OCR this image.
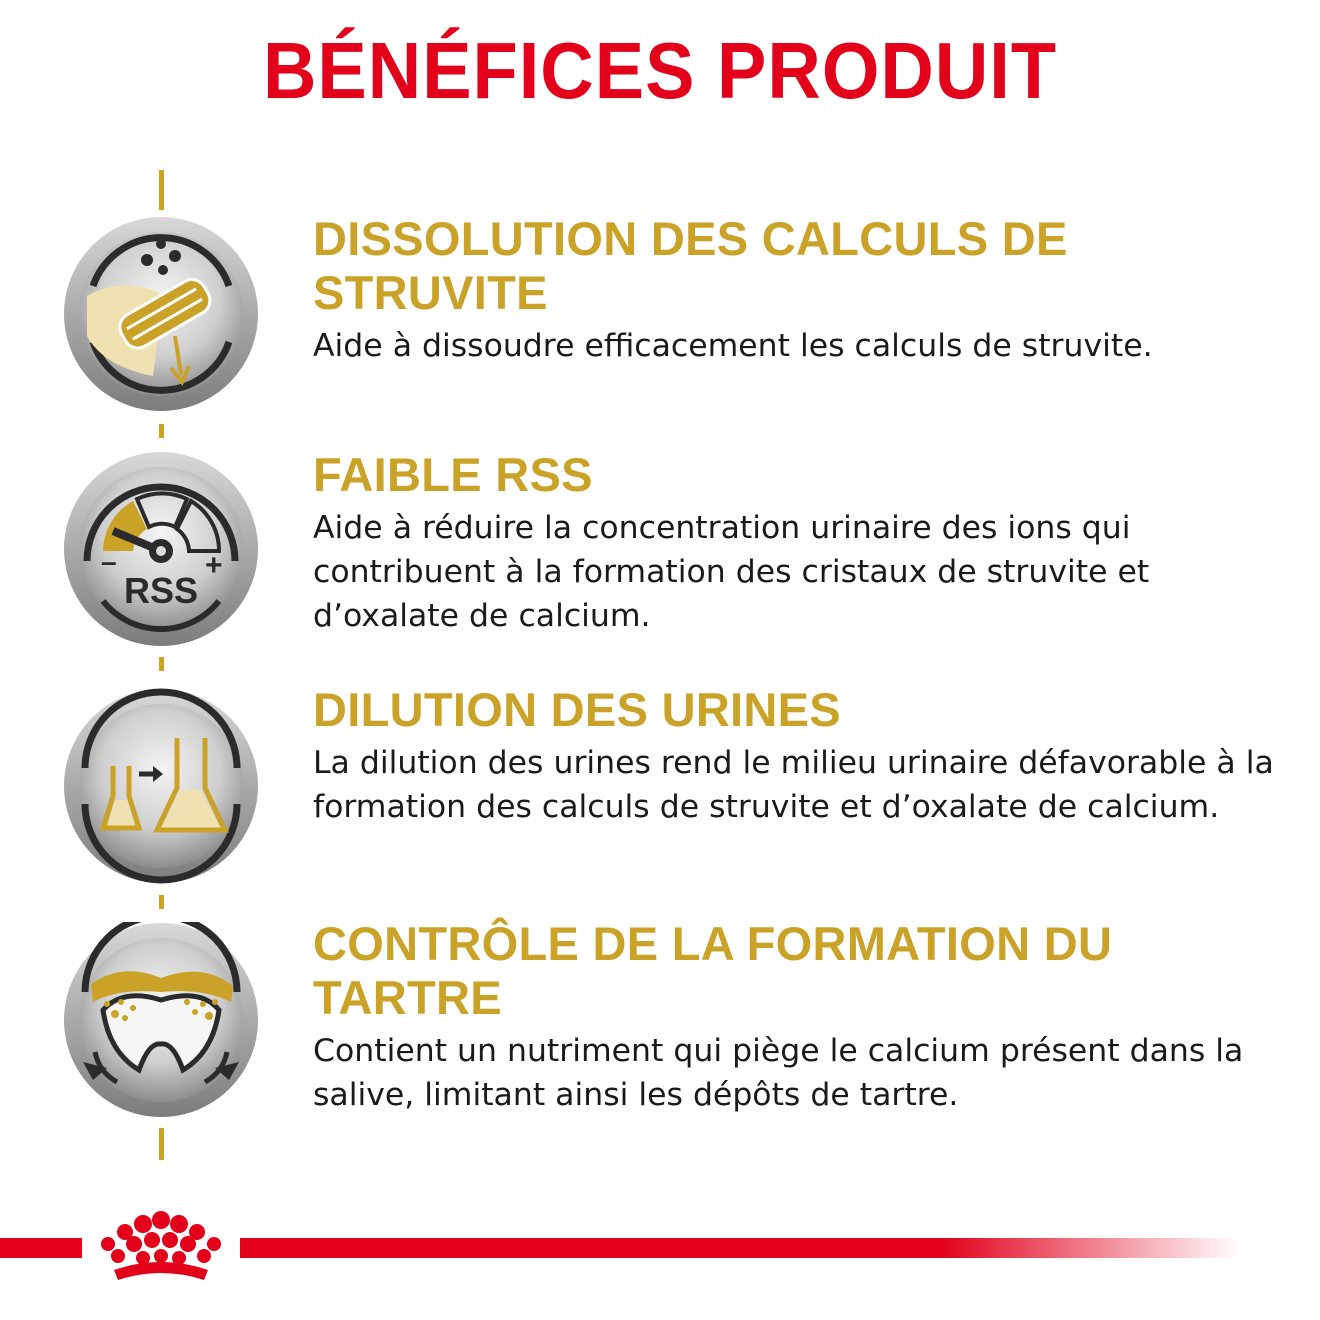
BÉNÉFICES PRODUIT
–	+
RSS
DISSOLUTION DES CALCULS DE STRUVITE

Aide à dissoudre efficacement les calculs de struvite.

FAIBLE RSS

Aide à réduire la concentration urinaire des ions qui contribuent à la formation des cristaux de struvite et d’oxalate de calcium.

DILUTION DES URINES

La dilution des urines rend le milieu urinaire défavorable à la formation des calculs de struvite et d’oxalate de calcium.

CONTRÔLE DE LA FORMATION DU TARTRE

Contient un nutriment qui piège le calcium présent dans la salive, limitant ainsi les dépôts de tartre.
